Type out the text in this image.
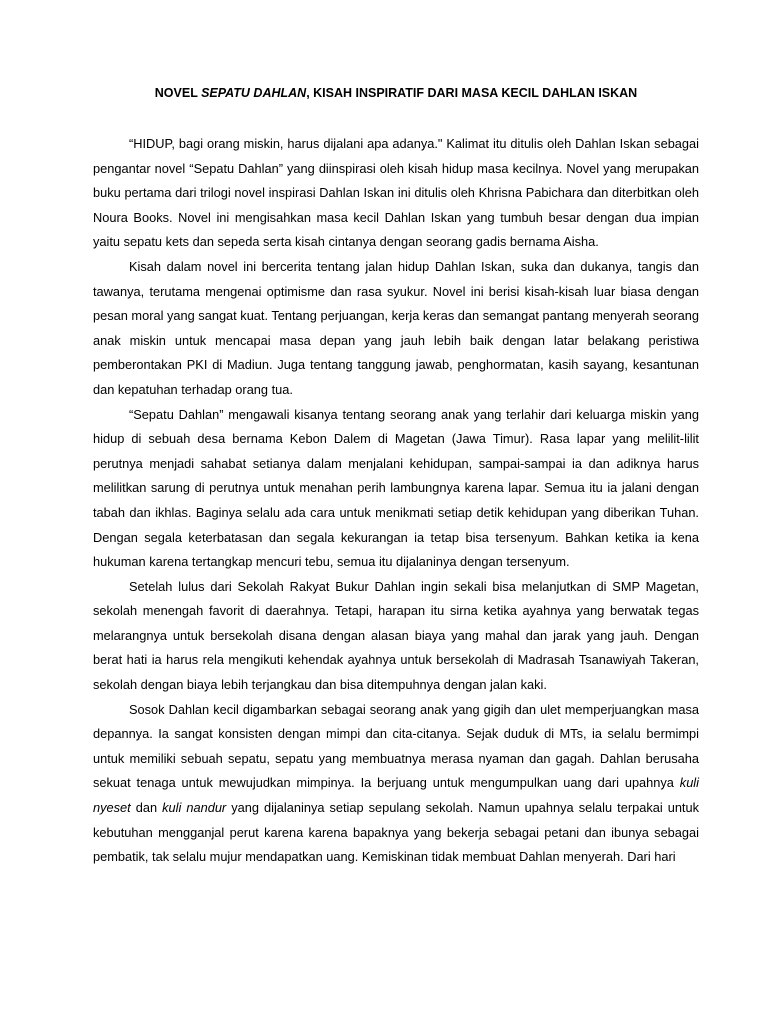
NOVEL SEPATU DAHLAN, KISAH INSPIRATIF DARI MASA KECIL DAHLAN ISKAN

“HIDUP, bagi orang miskin, harus dijalani apa adanya." Kalimat itu ditulis oleh Dahlan Iskan sebagai pengantar novel “Sepatu Dahlan” yang diinspirasi oleh kisah hidup masa kecilnya. Novel yang merupakan buku pertama dari trilogi novel inspirasi Dahlan Iskan ini ditulis oleh Khrisna Pabichara dan diterbitkan oleh Noura Books. Novel ini mengisahkan masa kecil Dahlan Iskan yang tumbuh besar dengan dua impian yaitu sepatu kets dan sepeda serta kisah cintanya dengan seorang gadis bernama Aisha.

Kisah dalam novel ini bercerita tentang jalan hidup Dahlan Iskan, suka dan dukanya, tangis dan tawanya, terutama mengenai optimisme dan rasa syukur. Novel ini berisi kisah-kisah luar biasa dengan pesan moral yang sangat kuat. Tentang perjuangan, kerja keras dan semangat pantang menyerah seorang anak miskin untuk mencapai masa depan yang jauh lebih baik dengan latar belakang peristiwa pemberontakan PKI di Madiun. Juga tentang tanggung jawab, penghormatan, kasih sayang, kesantunan dan kepatuhan terhadap orang tua.

“Sepatu Dahlan” mengawali kisanya tentang seorang anak yang terlahir dari keluarga miskin yang hidup di sebuah desa bernama Kebon Dalem di Magetan (Jawa Timur). Rasa lapar yang melilit-lilit perutnya menjadi sahabat setianya dalam menjalani kehidupan, sampai-sampai ia dan adiknya harus melilitkan sarung di perutnya untuk menahan perih lambungnya karena lapar. Semua itu ia jalani dengan tabah dan ikhlas. Baginya selalu ada cara untuk menikmati setiap detik kehidupan yang diberikan Tuhan. Dengan segala keterbatasan dan segala kekurangan ia tetap bisa tersenyum. Bahkan ketika ia kena hukuman karena tertangkap mencuri tebu, semua itu dijalaninya dengan tersenyum.

Setelah lulus dari Sekolah Rakyat Bukur Dahlan ingin sekali bisa melanjutkan di SMP Magetan, sekolah menengah favorit di daerahnya. Tetapi, harapan itu sirna ketika ayahnya yang berwatak tegas melarangnya untuk bersekolah disana dengan alasan biaya yang mahal dan jarak yang jauh. Dengan berat hati ia harus rela mengikuti kehendak ayahnya untuk bersekolah di Madrasah Tsanawiyah Takeran, sekolah dengan biaya lebih terjangkau dan bisa ditempuhnya dengan jalan kaki.

Sosok Dahlan kecil digambarkan sebagai seorang anak yang gigih dan ulet memperjuangkan masa depannya. Ia sangat konsisten dengan mimpi dan cita-citanya. Sejak duduk di MTs, ia selalu bermimpi untuk memiliki sebuah sepatu, sepatu yang membuatnya merasa nyaman dan gagah. Dahlan berusaha sekuat tenaga untuk mewujudkan mimpinya. Ia berjuang untuk mengumpulkan uang dari upahnya kuli nyeset dan kuli nandur yang dijalaninya setiap sepulang sekolah. Namun upahnya selalu terpakai untuk kebutuhan mengganjal perut karena karena bapaknya yang bekerja sebagai petani dan ibunya sebagai pembatik, tak selalu mujur mendapatkan uang. Kemiskinan tidak membuat Dahlan menyerah. Dari hari
